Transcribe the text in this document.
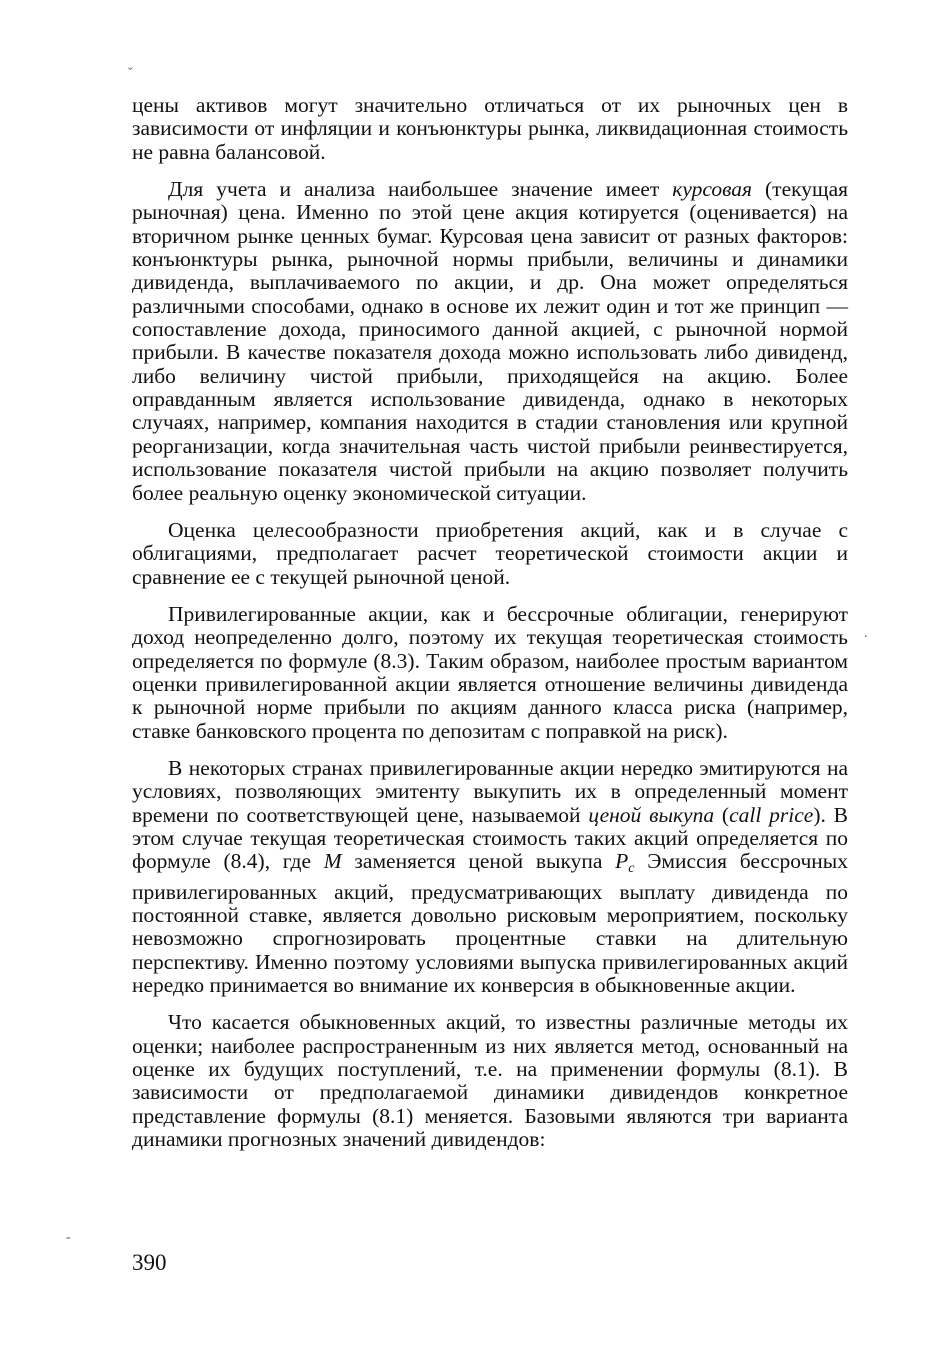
ˇ
.
-

цены активов могут значительно отличаться от их рыночных цен в зависимости от инфляции и конъюнктуры рынка, ликвидационная стоимость не равна балансовой.

Для учета и анализа наибольшее значение имеет курсовая (текущая рыночная) цена. Именно по этой цене акция котируется (оценивается) на вторичном рынке ценных бумаг. Курсовая цена зависит от разных факторов: конъюнктуры рынка, рыночной нормы прибыли, величины и динамики дивиденда, выплачиваемого по акции, и др. Она может определяться различными способами, однако в основе их лежит один и тот же принцип — сопоставление дохода, приносимого данной акцией, с рыночной нормой прибыли. В качестве показателя дохода можно использовать либо дивиденд, либо величину чистой прибыли, приходящейся на акцию. Более оправданным является использование дивиденда, однако в некоторых случаях, например, компания находится в стадии становления или крупной реорганизации, когда значительная часть чистой прибыли реинвестируется, использование показателя чистой прибыли на акцию позволяет получить более реальную оценку экономической ситуации.

Оценка целесообразности приобретения акций, как и в случае с облигациями, предполагает расчет теоретической стоимости акции и сравнение ее с текущей рыночной ценой.

Привилегированные акции, как и бессрочные облигации, генерируют доход неопределенно долго, поэтому их текущая теоретическая стоимость определяется по формуле (8.3). Таким образом, наиболее простым вариантом оценки привилегированной акции является отношение величины дивиденда к рыночной норме прибыли по акциям данного класса риска (например, ставке банковского процента по депозитам с поправкой на риск).

В некоторых странах привилегированные акции нередко эмитируются на условиях, позволяющих эмитенту выкупить их в определенный момент времени по соответствующей цене, называемой ценой выкупа (call price). В этом случае текущая теоретическая стоимость таких акций определяется по формуле (8.4), где M заменяется ценой выкупа $P_c$ Эмиссия бессрочных привилегированных акций, предусматривающих выплату дивиденда по постоянной ставке, является довольно рисковым мероприятием, поскольку невозможно спрогнозировать процентные ставки на длительную перспективу. Именно поэтому условиями выпуска привилегированных акций нередко принимается во внимание их конверсия в обыкновенные акции.

Что касается обыкновенных акций, то известны различные методы их оценки; наиболее распространенным из них является метод, основанный на оценке их будущих поступлений, т.е. на применении формулы (8.1). В зависимости от предполагаемой динамики дивидендов конкретное представление формулы (8.1) меняется. Базовыми являются три варианта динамики прогнозных значений дивидендов:

390
